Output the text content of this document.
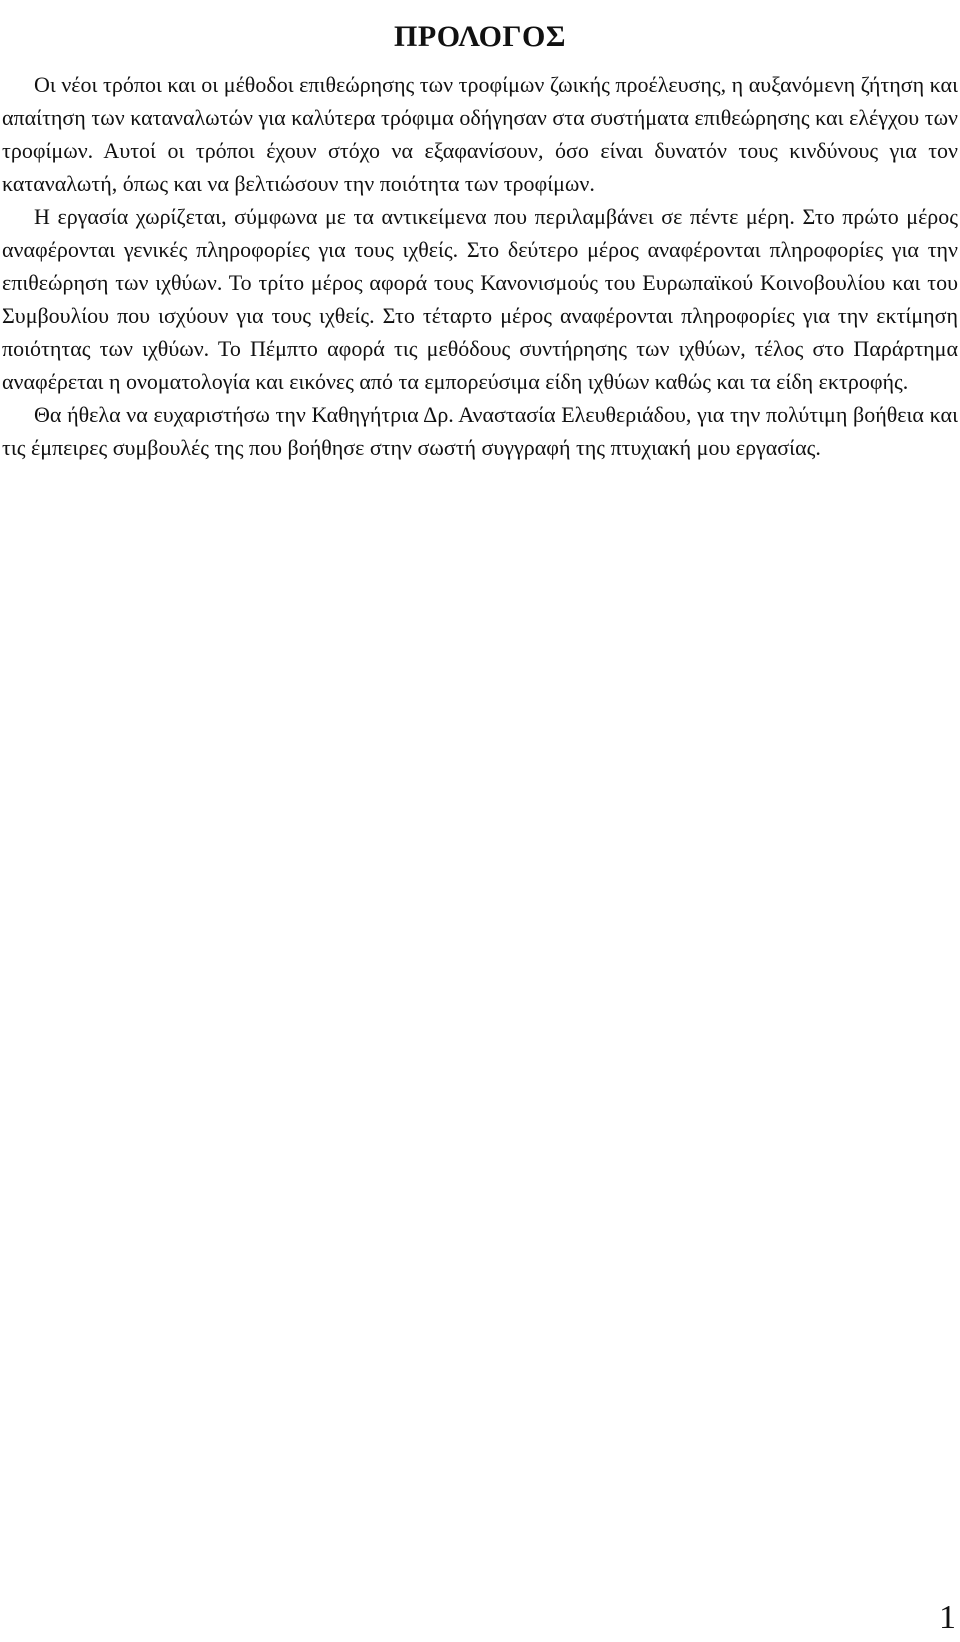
ΠΡΟΛΟΓΟΣ

Οι νέοι τρόποι και οι μέθοδοι επιθεώρησης των τροφίμων ζωικής προέλευσης, η αυξανόμενη ζήτηση και απαίτηση των καταναλωτών για καλύτερα τρόφιμα οδήγησαν στα συστήματα επιθεώρησης και ελέγχου των τροφίμων. Αυτοί οι τρόποι έχουν στόχο να εξαφανίσουν, όσο είναι δυνατόν τους κινδύνους για τον καταναλωτή, όπως και να βελτιώσουν την ποιότητα των τροφίμων.

Η εργασία χωρίζεται, σύμφωνα με τα αντικείμενα που περιλαμβάνει σε πέντε μέρη. Στο πρώτο μέρος αναφέρονται γενικές πληροφορίες για τους ιχθείς. Στο δεύτερο μέρος αναφέρονται πληροφορίες για την επιθεώρηση των ιχθύων. Το τρίτο μέρος αφορά τους Κανονισμούς του Ευρωπαϊκού Κοινοβουλίου και του Συμβουλίου που ισχύουν για τους ιχθείς. Στο τέταρτο μέρος αναφέρονται πληροφορίες για την εκτίμηση ποιότητας των ιχθύων. Το Πέμπτο αφορά τις μεθόδους συντήρησης των ιχθύων, τέλος στο Παράρτημα αναφέρεται η ονοματολογία και εικόνες από τα εμπορεύσιμα είδη ιχθύων καθώς και τα είδη εκτροφής.

Θα ήθελα να ευχαριστήσω την Καθηγήτρια Δρ. Αναστασία Ελευθεριάδου, για την πολύτιμη βοήθεια και τις έμπειρες συμβουλές της που βοήθησε στην σωστή συγγραφή της πτυχιακή μου εργασίας.

1
